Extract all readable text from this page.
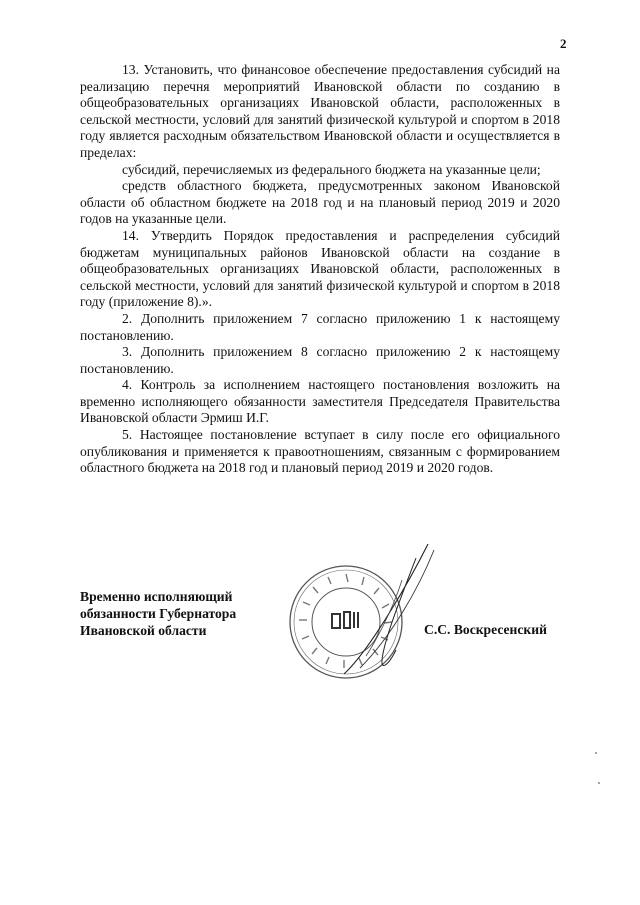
2

13. Установить, что финансовое обеспечение предоставления субсидий на реализацию перечня мероприятий Ивановской области по созданию в общеобразовательных организациях Ивановской области, расположенных в сельской местности, условий для занятий физической культурой и спортом в 2018 году является расходным обязательством Ивановской области и осуществляется в пределах:

субсидий, перечисляемых из федерального бюджета на указанные цели;

средств областного бюджета, предусмотренных законом Ивановской области об областном бюджете на 2018 год и на плановый период 2019 и 2020 годов на указанные цели.

14. Утвердить Порядок предоставления и распределения субсидий бюджетам муниципальных районов Ивановской области на создание в общеобразовательных организациях Ивановской области, расположенных в сельской местности, условий для занятий физической культурой и спортом в 2018 году (приложение 8).».

2. Дополнить приложением 7 согласно приложению 1 к настоящему постановлению.

3. Дополнить приложением 8 согласно приложению 2 к настоящему постановлению.

4. Контроль за исполнением настоящего постановления возложить на временно исполняющего обязанности заместителя Председателя Правительства Ивановской области Эрмиш И.Г.

5. Настоящее постановление вступает в силу после его официального опубликования и применяется к правоотношениям, связанным с формированием областного бюджета на 2018 год и плановый период 2019 и 2020 годов.

Временно исполняющий
обязанности Губернатора
Ивановской области	С.С. Воскресенский
